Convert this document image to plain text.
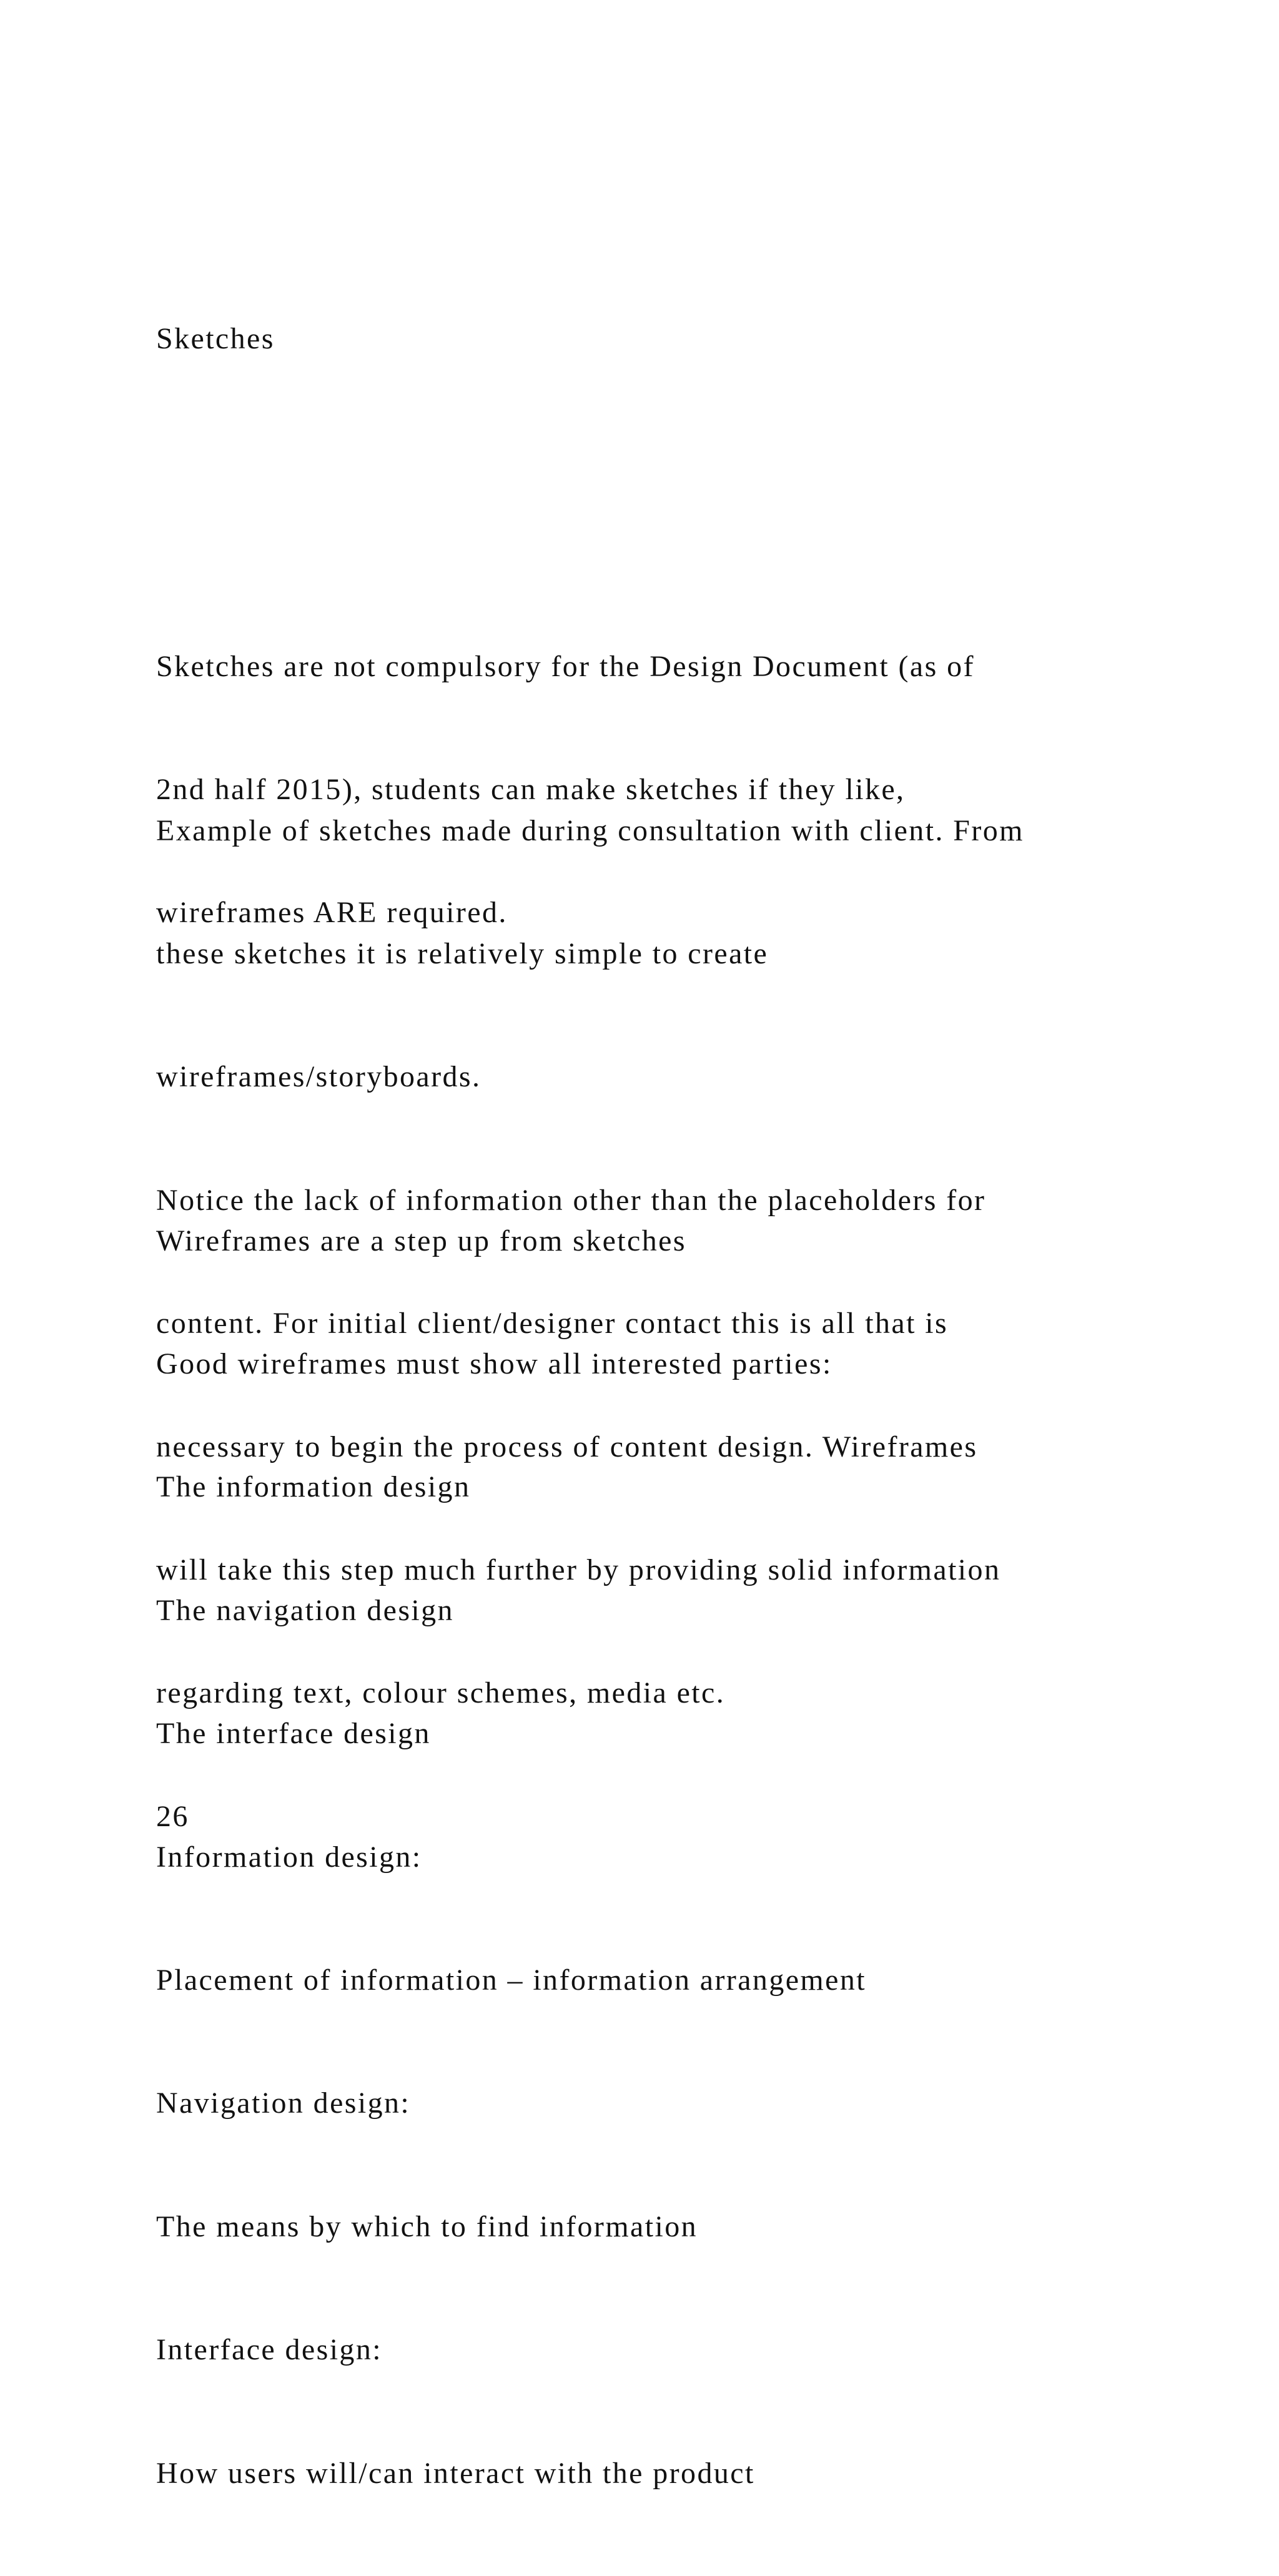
Sketches

Sketches are not compulsory for the Design Document (as of

2nd half 2015), students can make sketches if they like,

wireframes ARE required.

Example of sketches made during consultation with client. From

these sketches it is relatively simple to create

wireframes/storyboards.

Notice the lack of information other than the placeholders for

content. For initial client/designer contact this is all that is

necessary to begin the process of content design. Wireframes

will take this step much further by providing solid information

regarding text, colour schemes, media etc.

26

Wireframes are a step up from sketches

Good wireframes must show all interested parties:

The information design

The navigation design

The interface design

Information design:

Placement of information – information arrangement

Navigation design:

The means by which to find information

Interface design:

How users will/can interact with the product
